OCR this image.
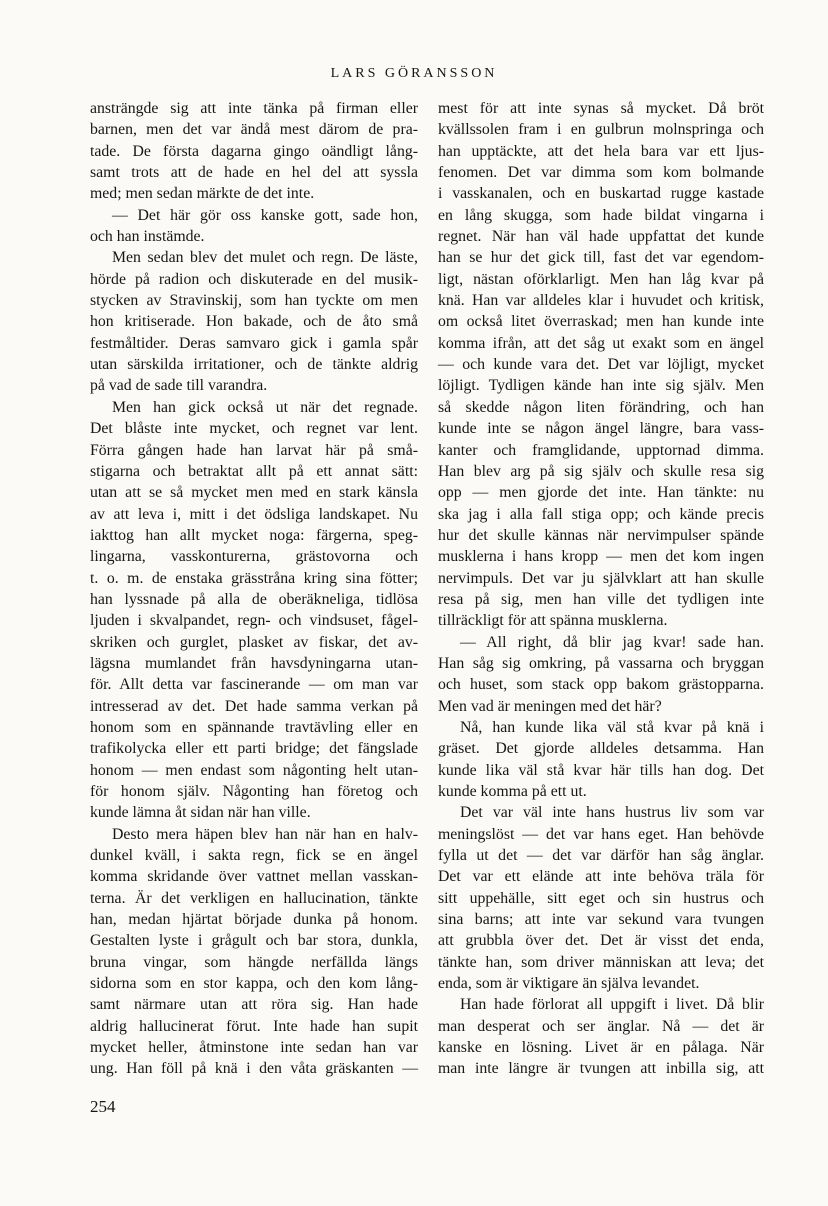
LARS GÖRANSSON
ansträngde sig att inte tänka på firman eller
barnen, men det var ändå mest därom de pra-
tade. De första dagarna gingo oändligt lång-
samt trots att de hade en hel del att syssla
med; men sedan märkte de det inte.
— Det här gör oss kanske gott, sade hon,
och han instämde.
Men sedan blev det mulet och regn. De läste,
hörde på radion och diskuterade en del musik-
stycken av Stravinskij, som han tyckte om men
hon kritiserade. Hon bakade, och de åto små
festmåltider. Deras samvaro gick i gamla spår
utan särskilda irritationer, och de tänkte aldrig
på vad de sade till varandra.
Men han gick också ut när det regnade.
Det blåste inte mycket, och regnet var lent.
Förra gången hade han larvat här på små-
stigarna och betraktat allt på ett annat sätt:
utan att se så mycket men med en stark känsla
av att leva i, mitt i det ödsliga landskapet. Nu
iakttog han allt mycket noga: färgerna, speg-
lingarna, vasskonturerna, grästovorna och
t. o. m. de enstaka grässtråna kring sina fötter;
han lyssnade på alla de oberäkneliga, tidlösa
ljuden i skvalpandet, regn- och vindsuset, fågel-
skriken och gurglet, plasket av fiskar, det av-
lägsna mumlandet från havsdyningarna utan-
för. Allt detta var fascinerande — om man var
intresserad av det. Det hade samma verkan på
honom som en spännande travtävling eller en
trafikolycka eller ett parti bridge; det fängslade
honom — men endast som någonting helt utan-
för honom själv. Någonting han företog och
kunde lämna åt sidan när han ville.
Desto mera häpen blev han när han en halv-
dunkel kväll, i sakta regn, fick se en ängel
komma skridande över vattnet mellan vasskan-
terna. Är det verkligen en hallucination, tänkte
han, medan hjärtat började dunka på honom.
Gestalten lyste i grågult och bar stora, dunkla,
bruna vingar, som hängde nerfällda längs
sidorna som en stor kappa, och den kom lång-
samt närmare utan att röra sig. Han hade
aldrig hallucinerat förut. Inte hade han supit
mycket heller, åtminstone inte sedan han var
ung. Han föll på knä i den våta gräskanten —
mest för att inte synas så mycket. Då bröt
kvällssolen fram i en gulbrun molnspringa och
han upptäckte, att det hela bara var ett ljus-
fenomen. Det var dimma som kom bolmande
i vasskanalen, och en buskartad rugge kastade
en lång skugga, som hade bildat vingarna i
regnet. När han väl hade uppfattat det kunde
han se hur det gick till, fast det var egendom-
ligt, nästan oförklarligt. Men han låg kvar på
knä. Han var alldeles klar i huvudet och kritisk,
om också litet överraskad; men han kunde inte
komma ifrån, att det såg ut exakt som en ängel
— och kunde vara det. Det var löjligt, mycket
löjligt. Tydligen kände han inte sig själv. Men
så skedde någon liten förändring, och han
kunde inte se någon ängel längre, bara vass-
kanter och framglidande, upptornad dimma.
Han blev arg på sig själv och skulle resa sig
opp — men gjorde det inte. Han tänkte: nu
ska jag i alla fall stiga opp; och kände precis
hur det skulle kännas när nervimpulser spände
musklerna i hans kropp — men det kom ingen
nervimpuls. Det var ju självklart att han skulle
resa på sig, men han ville det tydligen inte
tillräckligt för att spänna musklerna.
— All right, då blir jag kvar! sade han.
Han såg sig omkring, på vassarna och bryggan
och huset, som stack opp bakom grästopparna.
Men vad är meningen med det här?
Nå, han kunde lika väl stå kvar på knä i
gräset. Det gjorde alldeles detsamma. Han
kunde lika väl stå kvar här tills han dog. Det
kunde komma på ett ut.
Det var väl inte hans hustrus liv som var
meningslöst — det var hans eget. Han behövde
fylla ut det — det var därför han såg änglar.
Det var ett elände att inte behöva träla för
sitt uppehälle, sitt eget och sin hustrus och
sina barns; att inte var sekund vara tvungen
att grubbla över det. Det är visst det enda,
tänkte han, som driver människan att leva; det
enda, som är viktigare än själva levandet.
Han hade förlorat all uppgift i livet. Då blir
man desperat och ser änglar. Nå — det är
kanske en lösning. Livet är en pålaga. När
man inte längre är tvungen att inbilla sig, att
254
